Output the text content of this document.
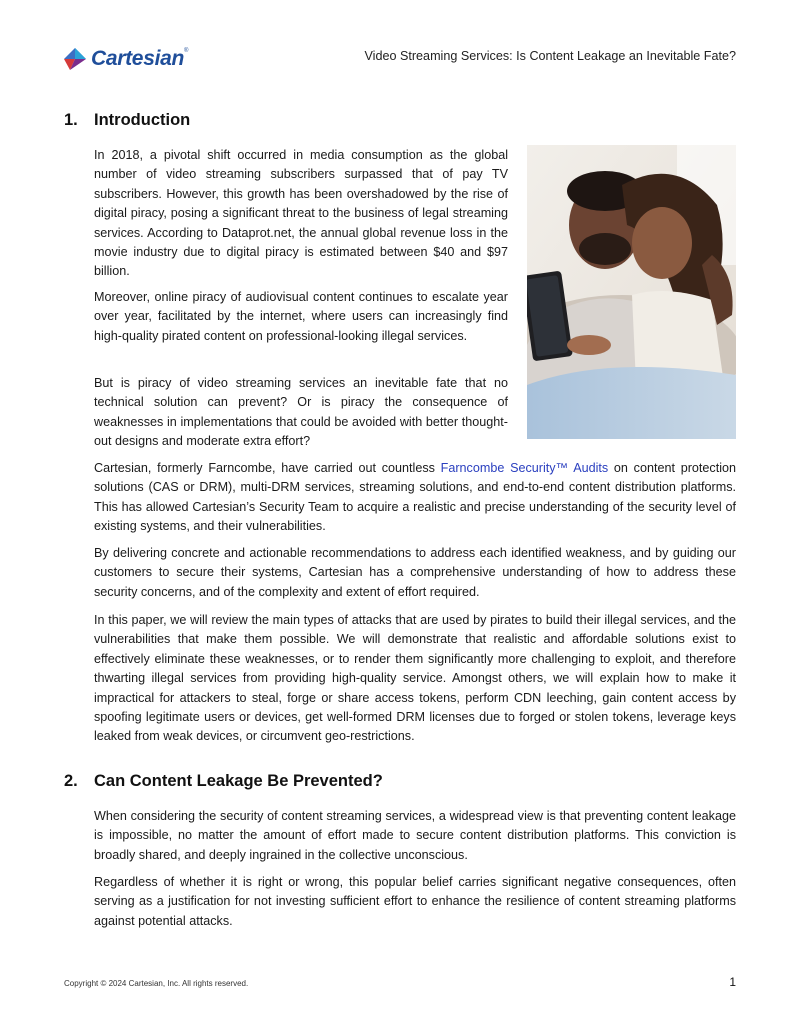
Cartesian ®	Video Streaming Services: Is Content Leakage an Inevitable Fate?
1. Introduction

In 2018, a pivotal shift occurred in media consumption as the global number of video streaming subscribers surpassed that of pay TV subscribers. However, this growth has been overshadowed by the rise of digital piracy, posing a significant threat to the business of legal streaming services. According to Dataprot.net, the annual global revenue loss in the movie industry due to digital piracy is estimated between $40 and $97 billion.

Moreover, online piracy of audiovisual content continues to escalate year over year, facilitated by the internet, where users can increasingly find high-quality pirated content on professional-looking illegal services.

But is piracy of video streaming services an inevitable fate that no technical solution can prevent? Or is piracy the consequence of weaknesses in implementations that could be avoided with better thought-out designs and moderate extra effort?

Cartesian, formerly Farncombe, have carried out countless Farncombe Security™ Audits on content protection solutions (CAS or DRM), multi-DRM services, streaming solutions, and end-to-end content distribution platforms. This has allowed Cartesian’s Security Team to acquire a realistic and precise understanding of the security level of existing systems, and their vulnerabilities.

By delivering concrete and actionable recommendations to address each identified weakness, and by guiding our customers to secure their systems, Cartesian has a comprehensive understanding of how to address these security concerns, and of the complexity and extent of effort required.

In this paper, we will review the main types of attacks that are used by pirates to build their illegal services, and the vulnerabilities that make them possible. We will demonstrate that realistic and affordable solutions exist to effectively eliminate these weaknesses, or to render them significantly more challenging to exploit, and therefore thwarting illegal services from providing high-quality service. Amongst others, we will explain how to make it impractical for attackers to steal, forge or share access tokens, perform CDN leeching, gain content access by spoofing legitimate users or devices, get well-formed DRM licenses due to forged or stolen tokens, leverage keys leaked from weak devices, or circumvent geo-restrictions.

2. Can Content Leakage Be Prevented?

When considering the security of content streaming services, a widespread view is that preventing content leakage is impossible, no matter the amount of effort made to secure content distribution platforms. This conviction is broadly shared, and deeply ingrained in the collective unconscious.

Regardless of whether it is right or wrong, this popular belief carries significant negative consequences, often serving as a justification for not investing sufficient effort to enhance the resilience of content streaming platforms against potential attacks.

Copyright © 2024 Cartesian, Inc. All rights reserved.	1
